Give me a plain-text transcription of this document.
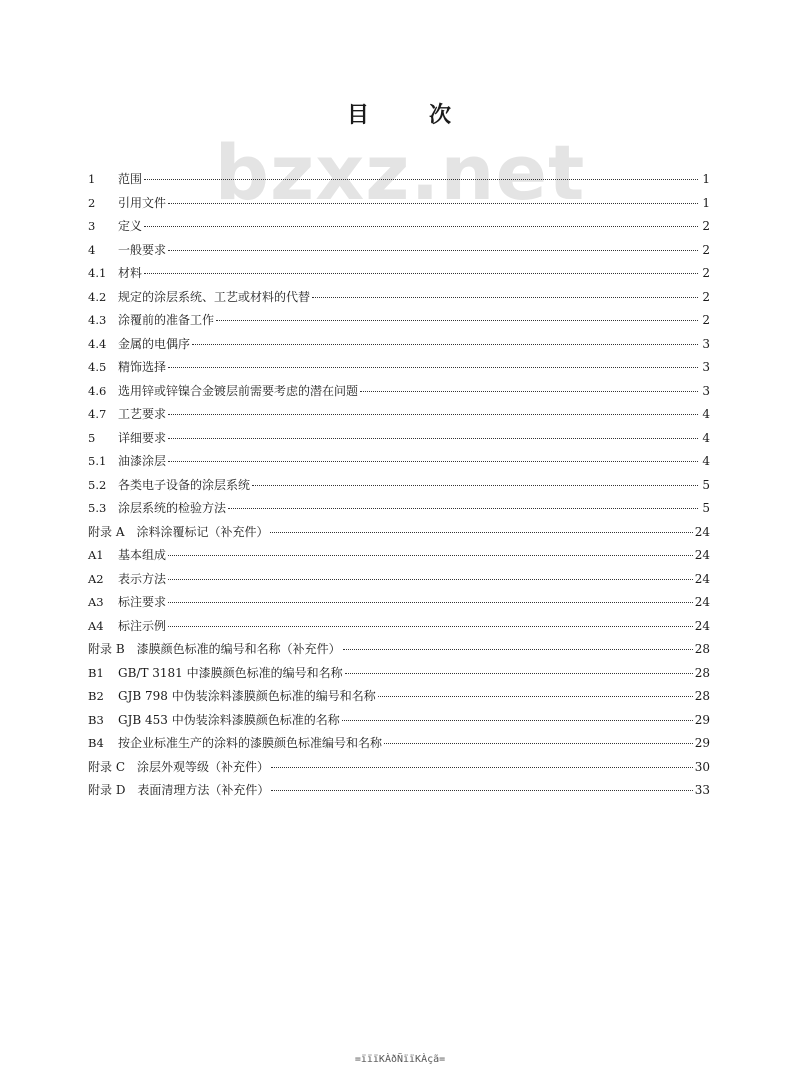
bzxz.net
目	次
1	范围	1
2	引用文件	1
3	定义	2
4	一般要求	2
4.1 材料	2
4.2 规定的涂层系统、工艺或材料的代替	2
4.3 涂覆前的准备工作	2
4.4 金属的电偶序	3
4.5 精饰选择	3
4.6 选用锌或锌镍合金镀层前需要考虑的潜在问题	3
4.7 工艺要求	4
5	详细要求	4
5.1 油漆涂层	4
5.2 各类电子设备的涂层系统	5
5.3 涂层系统的检验方法	5
附录 A　涂料涂覆标记（补充件）	24
A1	基本组成	24
A2	表示方法	24
A3	标注要求	24
A4	标注示例	24
附录 B　漆膜颜色标准的编号和名称（补充件）	28
B1	GB/T 3181 中漆膜颜色标准的编号和名称	28
B2	GJB 798 中伪装涂料漆膜颜色标准的编号和名称	28
B3	GJB 453 中伪装涂料漆膜颜色标准的名称	29
B4	按企业标准生产的涂料的漆膜颜色标准编号和名称	29
附录 C　涂层外观等级（补充件）	30
附录 D　表面清理方法（补充件）	33
=ïïïKÀðÑïïKÀçã=
